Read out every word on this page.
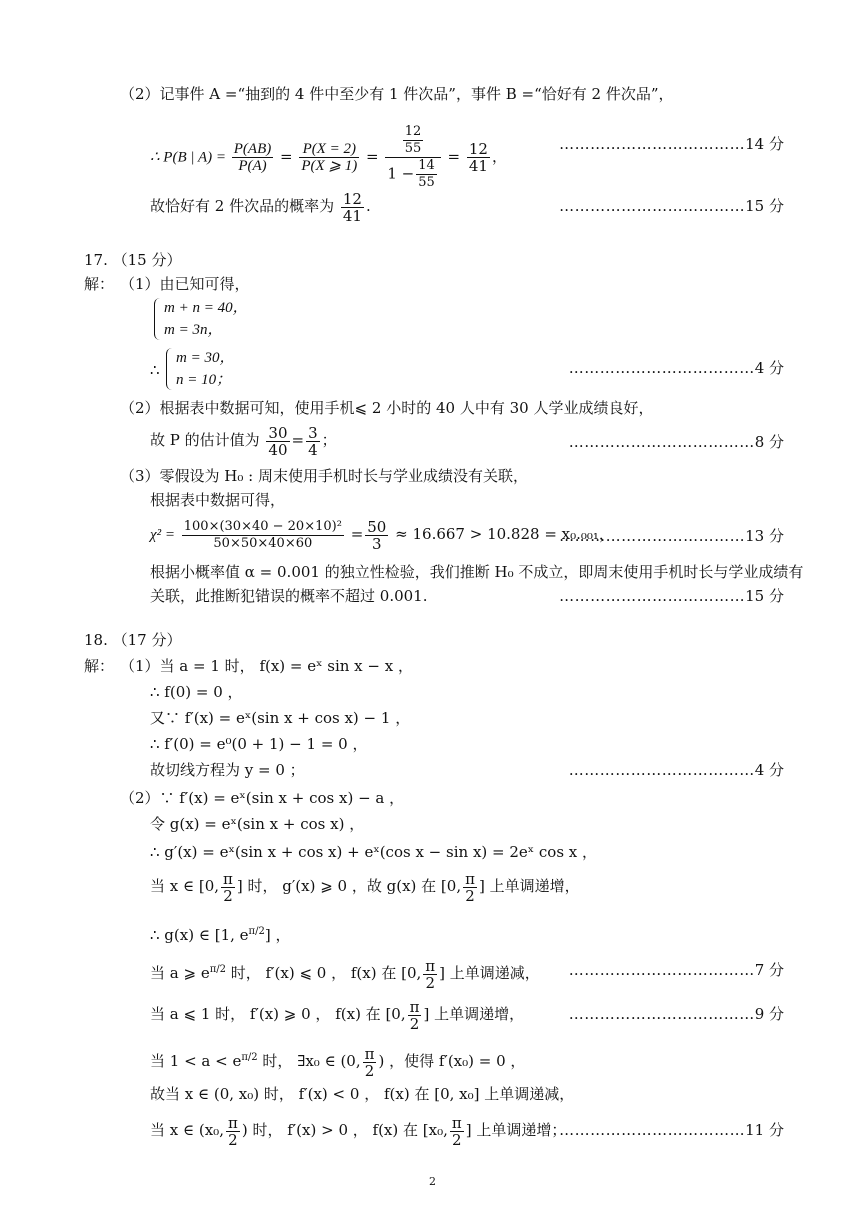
（2）记事件 A =“抽到的 4 件中至少有 1 件次品”，事件 B =“恰好有 2 件次品”，
∴ P(B | $A) = \frac{P(AB)}{P(A)} = \frac{P(X = 2)}{P(X ⩾ 1)} = \frac{\frac{12}{55}}{1 - \frac{14}{55}} = \frac{12}{41}$ ，
………………………………14 分
故恰好有 2 件次品的概率为 $\frac{12}{41}$ .	………………………………15 分
17. （15 分）
解： （1）由已知可得，
m + n = 40，
m = 3n，
∴
m = 30，
n = 10；
………………………………4 分
（2）根据表中数据可知，使用手机⩽ 2 小时的 40 人中有 30 人学业成绩良好，
故 P 的估计值为 $\frac{30}{40} = \frac{3}{4}$ ；	………………………………8 分
（3）零假设为 H₀ : 周末使用手机时长与学业成绩没有关联，
根据表中数据可得，
$\chi^2 = \frac{\text{100×(30×40 − 20×10)²}}{50\times 50\times 40\times 60} = \frac{50}{3} \approx 16.667 > 10.828 = x_0._{001}$，
………………………………13 分
根据小概率值 α = 0.001 的独立性检验，我们推断 H₀ 不成立，即周末使用手机时长与学业成绩有
关联，此推断犯错误的概率不超过 0.001.	………………………………15 分
18. （17 分）
解： （1）当 a = 1 时， f(x) = eˣ sin x − x ，
∴ f(0) = 0 ，
又∵ f′(x) = eˣ(sin x + cos x) − 1 ，
∴ f′(0) = e⁰(0 + 1) − 1 = 0 ，
故切线方程为 y = 0 ；	………………………………4 分
（2）∵ f′(x) = eˣ(sin x + cos x) − a ，
令 g(x) = eˣ(sin x + cos x) ，
∴ g′(x) = eˣ(sin x + cos x) + eˣ(cos x − sin x) = 2eˣ cos x ，
当 x ∈ [0, $\frac{\pi}{2}$ ] 时， g′(x) ⩾ 0 ，故 g(x) 在 [0, $\frac{\pi}{2}$ ] 上单调递增，
∴ g(x) ∈ [1, $e^{\pi/2}$] ，
当 a ⩾ $e^{\pi/2}$ 时， f′(x) ⩽ 0 ， f(x) 在 [0, $\frac{\pi}{2}$ ] 上单调递减， ………………………………7 分
当 a ⩽ 1 时， f′(x) ⩾ 0 ， f(x) 在 [0, $\frac{\pi}{2}$ ] 上单调递增，	………………………………9 分
当 $1 < a < e^{\pi/2}$ 时， ∃x₀ ∈ (0, $\frac{\pi}{2}$ ) ，使得 f′(x₀) = 0 ，
故当 x ∈ (0, x₀) 时， f′(x) < 0 ， f(x) 在 [0, x₀] 上单调递减，
当 x ∈ (x₀, $\frac{\pi}{2}$ ) 时， f′(x) > 0 ， f(x) 在 [x₀, $\frac{\pi}{2}$ ] 上单调递增；
………………………………11 分
2
